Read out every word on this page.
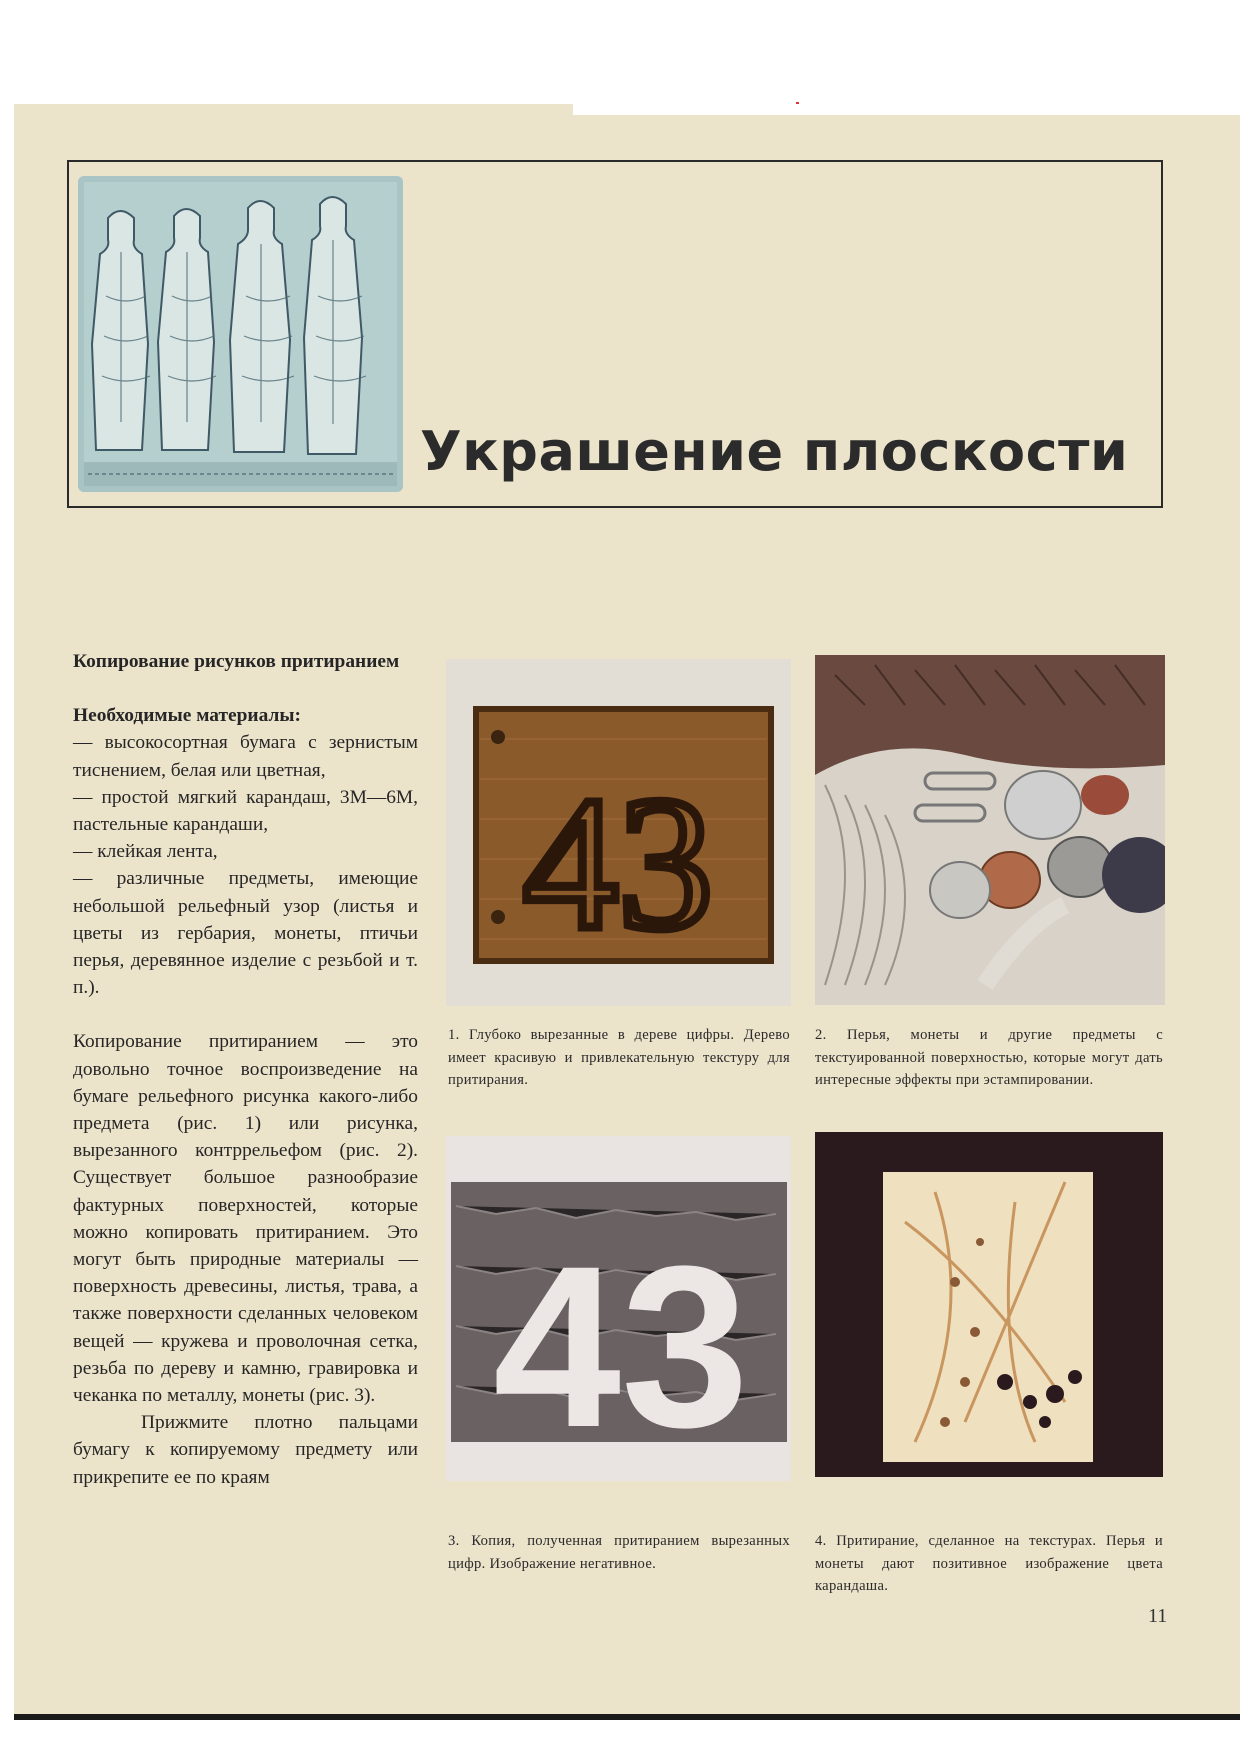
Украшение плоскости
Копирование рисунков притиранием
Необходимые материалы:

— высокосортная бумага с зернистым тиснением, белая или цветная,

— простой мягкий карандаш, 3М—6М, пастельные карандаши,

— клейкая лента,

— различные предметы, имеющие небольшой рельефный узор (листья и цветы из гербария, монеты, птичьи перья, деревянное изделие с резьбой и т. п.).

Копирование притиранием — это довольно точное воспроизведение на бумаге рельефного рисунка какого-либо предмета (рис. 1) или рисунка, вырезанного контррельефом (рис. 2). Существует большое разнообразие фактурных поверхностей, которые можно копировать притиранием. Это могут быть природные материалы — поверхность древесины, листья, трава, а также поверхности сделанных человеком вещей — кружева и проволочная сетка, резьба по дереву и камню, гравировка и чеканка по металлу, монеты (рис. 3).

Прижмите плотно пальцами бумагу к копируемому предмету или прикрепите ее по краям

43
1. Глубоко вырезанные в дереве цифры. Дерево имеет красивую и привлекательную текстуру для притирания.
2. Перья, монеты и другие предметы с текстуированной поверхностью, которые могут дать интересные эффекты при эстампировании.
43
3. Копия, полученная притиранием вырезанных цифр. Изображение негативное.
4. Притирание, сделанное на текстурах. Перья и монеты дают позитивное изображение цвета карандаша.
11
